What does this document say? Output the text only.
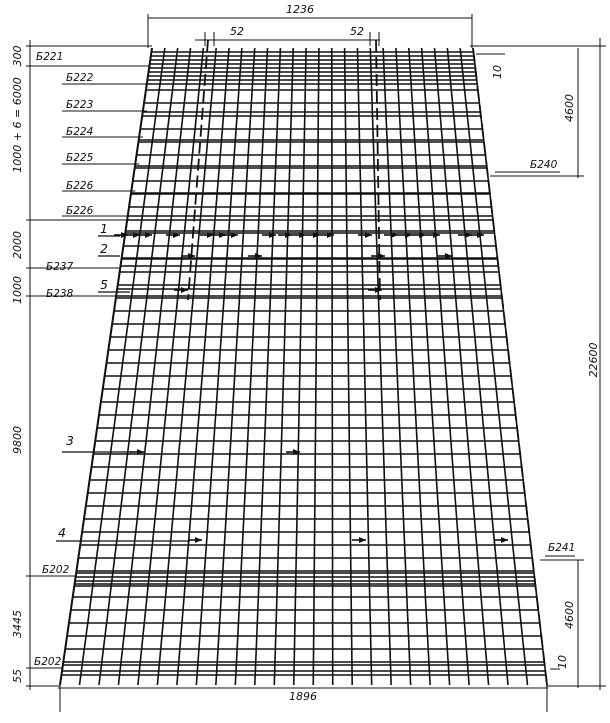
1236
52	52
1896
4600
4600
22600
10
10
300
1000 + 6 = 6000
2000
1000
9800
3445
55
Б221
Б222
Б223
Б224
Б225
Б226
Б226
Б237
Б238
Б202
Б202
Б240
Б241
1
2
5
3
4
